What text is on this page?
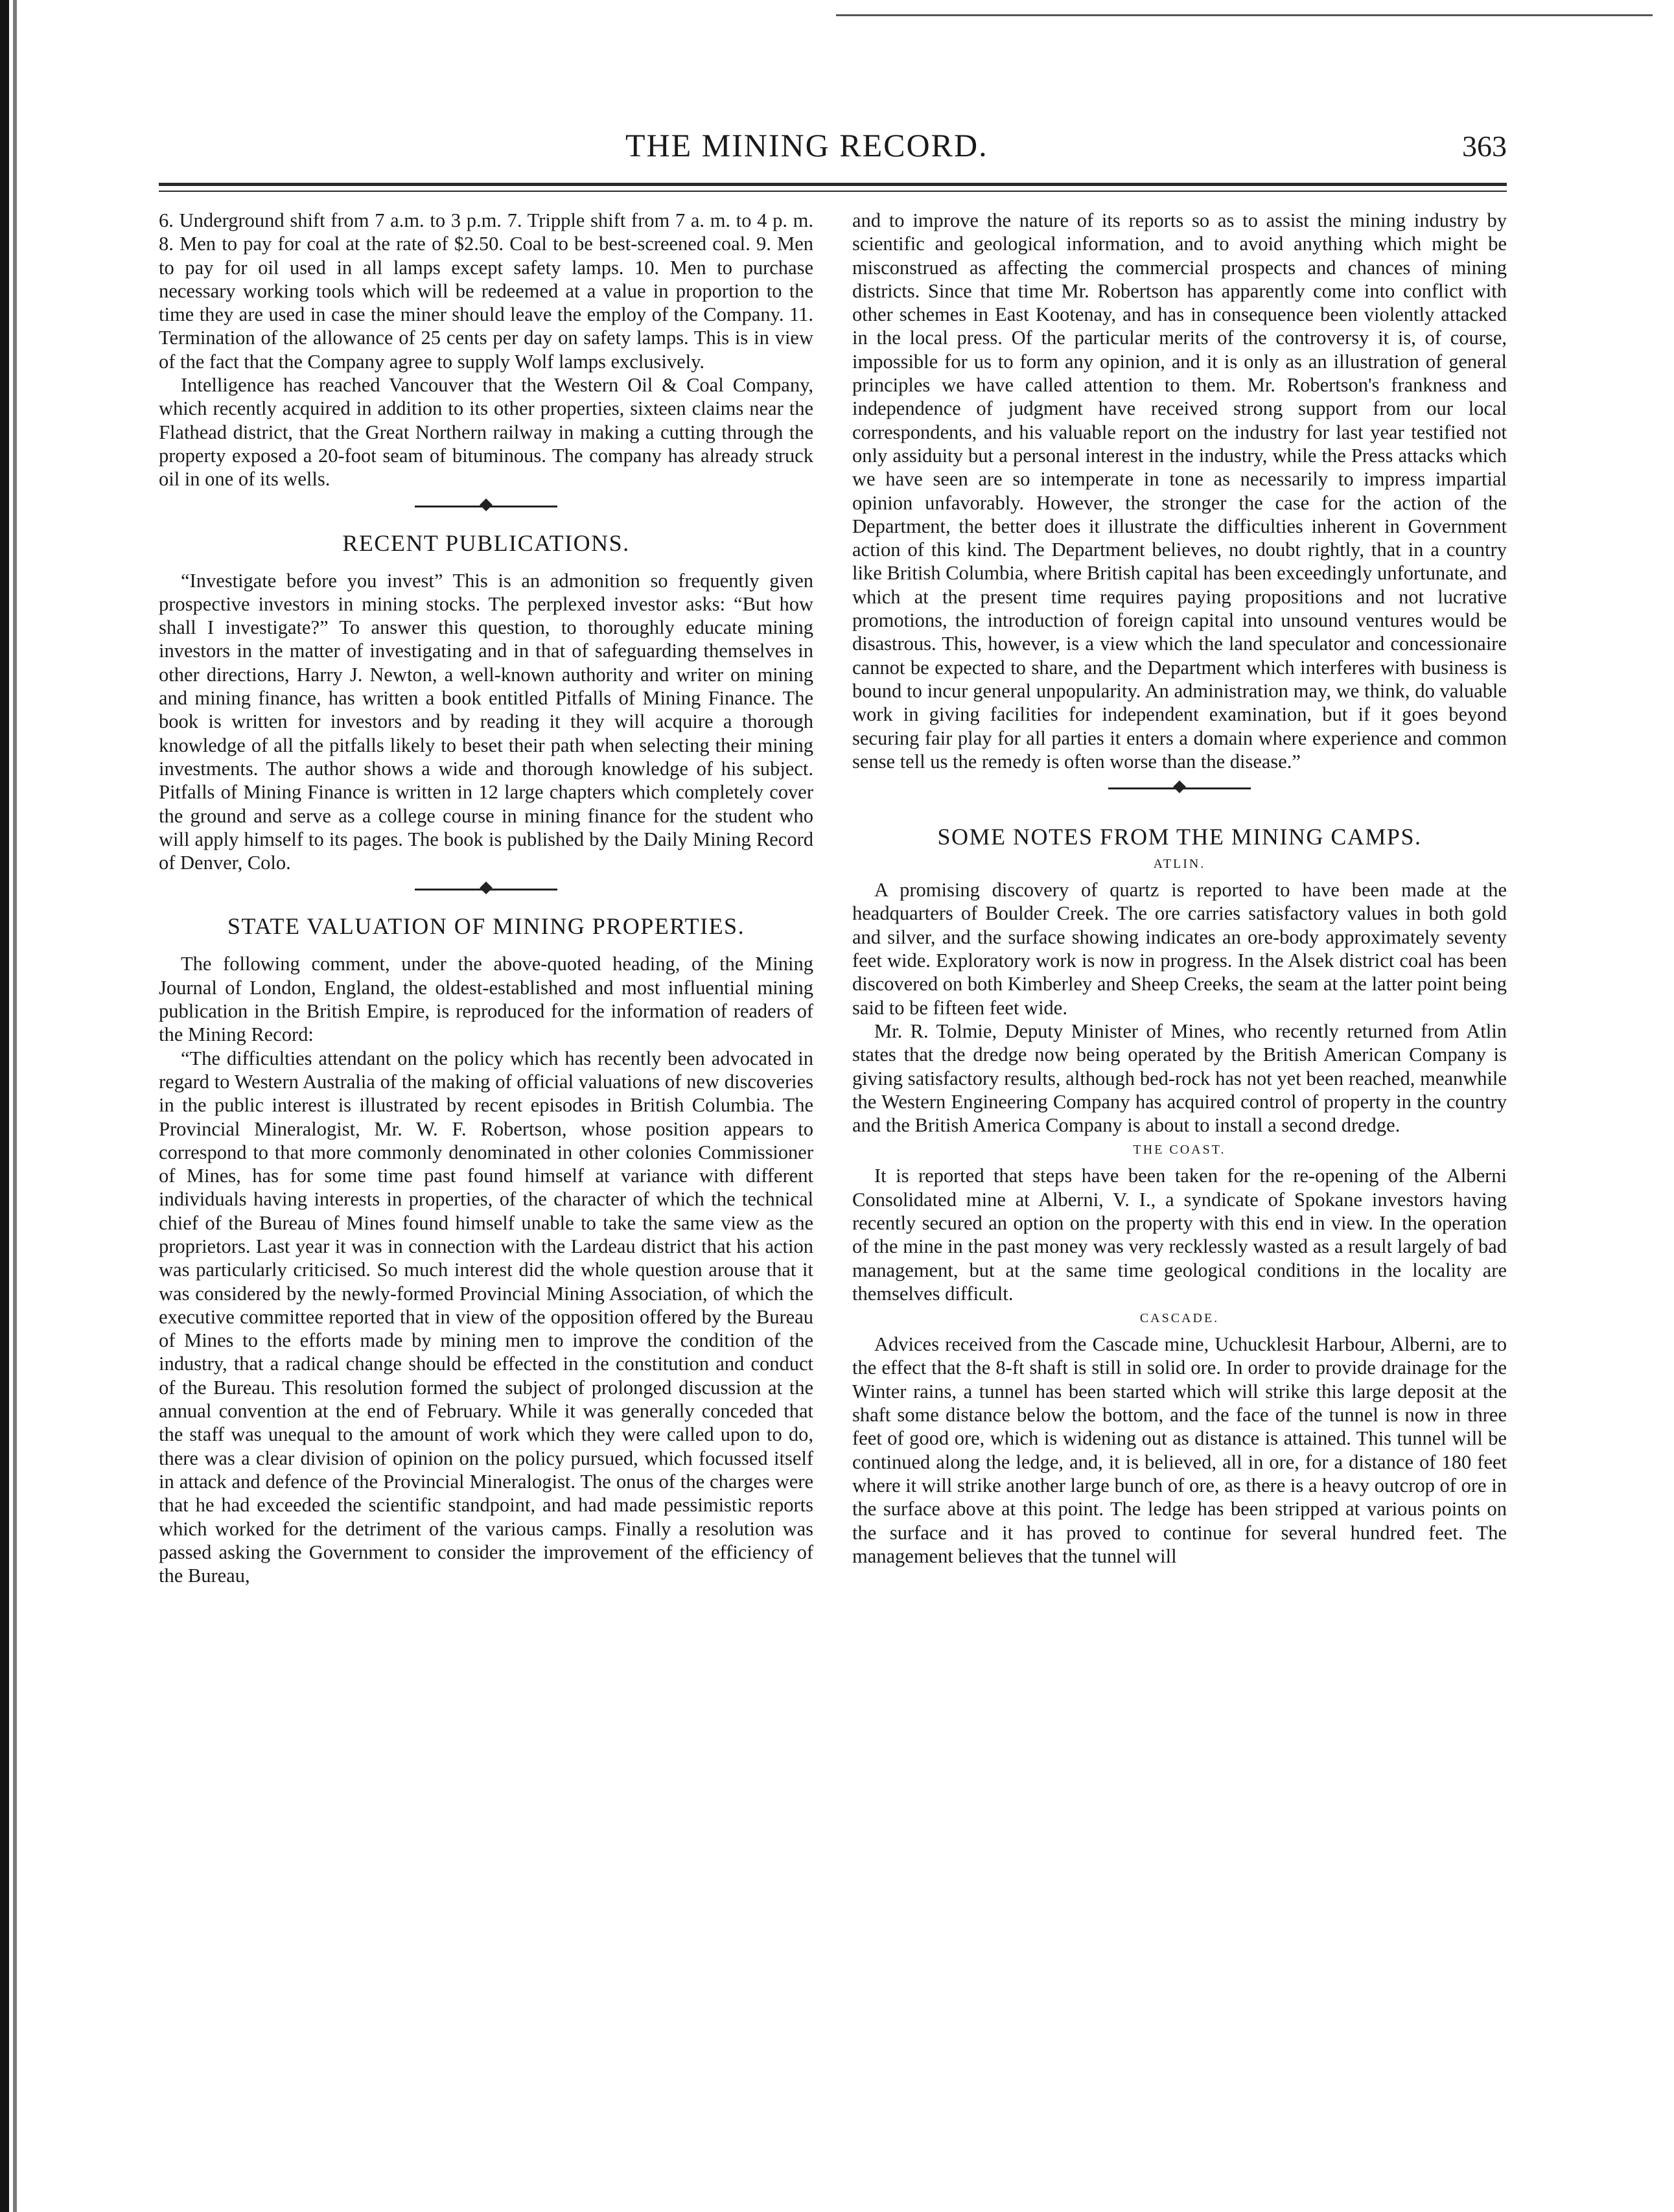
THE MINING RECORD.	363

6. Underground shift from 7 a.m. to 3 p.m. 7. Tripple shift from 7 a. m. to 4 p. m. 8. Men to pay for coal at the rate of $2.50. Coal to be best-screened coal. 9. Men to pay for oil used in all lamps except safety lamps. 10. Men to purchase necessary working tools which will be redeemed at a value in proportion to the time they are used in case the miner should leave the employ of the Company. 11. Termination of the allowance of 25 cents per day on safety lamps. This is in view of the fact that the Company agree to supply Wolf lamps exclusively.

Intelligence has reached Vancouver that the Western Oil & Coal Company, which recently acquired in addition to its other properties, sixteen claims near the Flathead district, that the Great Northern railway in making a cutting through the property exposed a 20-foot seam of bituminous. The company has already struck oil in one of its wells.

RECENT PUBLICATIONS.

“Investigate before you invest” This is an admonition so frequently given prospective investors in mining stocks. The perplexed investor asks: “But how shall I investigate?” To answer this question, to thoroughly educate mining investors in the matter of investigating and in that of safeguarding themselves in other directions, Harry J. Newton, a well-known authority and writer on mining and mining finance, has written a book entitled Pitfalls of Mining Finance. The book is written for investors and by reading it they will acquire a thorough knowledge of all the pitfalls likely to beset their path when selecting their mining investments. The author shows a wide and thorough knowledge of his subject. Pitfalls of Mining Finance is written in 12 large chapters which completely cover the ground and serve as a college course in mining finance for the student who will apply himself to its pages. The book is published by the Daily Mining Record of Denver, Colo.

STATE VALUATION OF MINING PROPERTIES.

The following comment, under the above-quoted heading, of the Mining Journal of London, England, the oldest-established and most influential mining publication in the British Empire, is reproduced for the information of readers of the Mining Record:

“The difficulties attendant on the policy which has recently been advocated in regard to Western Australia of the making of official valuations of new discoveries in the public interest is illustrated by recent episodes in British Columbia. The Provincial Mineralogist, Mr. W. F. Robertson, whose position appears to correspond to that more commonly denominated in other colonies Commissioner of Mines, has for some time past found himself at variance with different individuals having interests in properties, of the character of which the technical chief of the Bureau of Mines found himself unable to take the same view as the proprietors. Last year it was in connection with the Lardeau district that his action was particularly criticised. So much interest did the whole question arouse that it was considered by the newly-formed Provincial Mining Association, of which the executive committee reported that in view of the opposition offered by the Bureau of Mines to the efforts made by mining men to improve the condition of the industry, that a radical change should be effected in the constitution and conduct of the Bureau. This resolution formed the subject of prolonged discussion at the annual convention at the end of February. While it was generally conceded that the staff was unequal to the amount of work which they were called upon to do, there was a clear division of opinion on the policy pursued, which focussed itself in attack and defence of the Provincial Mineralogist. The onus of the charges were that he had exceeded the scientific standpoint, and had made pessimistic reports which worked for the detriment of the various camps. Finally a resolution was passed asking the Government to consider the improvement of the efficiency of the Bureau,

and to improve the nature of its reports so as to assist the mining industry by scientific and geological information, and to avoid anything which might be misconstrued as affecting the commercial prospects and chances of mining districts. Since that time Mr. Robertson has apparently come into conflict with other schemes in East Kootenay, and has in consequence been violently attacked in the local press. Of the particular merits of the controversy it is, of course, impossible for us to form any opinion, and it is only as an illustration of general principles we have called attention to them. Mr. Robertson's frankness and independence of judgment have received strong support from our local correspondents, and his valuable report on the industry for last year testified not only assiduity but a personal interest in the industry, while the Press attacks which we have seen are so intemperate in tone as necessarily to impress impartial opinion unfavorably. However, the stronger the case for the action of the Department, the better does it illustrate the difficulties inherent in Government action of this kind. The Department believes, no doubt rightly, that in a country like British Columbia, where British capital has been exceedingly unfortunate, and which at the present time requires paying propositions and not lucrative promotions, the introduction of foreign capital into unsound ventures would be disastrous. This, however, is a view which the land speculator and concessionaire cannot be expected to share, and the Department which interferes with business is bound to incur general unpopularity. An administration may, we think, do valuable work in giving facilities for independent examination, but if it goes beyond securing fair play for all parties it enters a domain where experience and common sense tell us the remedy is often worse than the disease.”

SOME NOTES FROM THE MINING CAMPS.
ATLIN.

A promising discovery of quartz is reported to have been made at the headquarters of Boulder Creek. The ore carries satisfactory values in both gold and silver, and the surface showing indicates an ore-body approximately seventy feet wide. Exploratory work is now in progress. In the Alsek district coal has been discovered on both Kimberley and Sheep Creeks, the seam at the latter point being said to be fifteen feet wide.

Mr. R. Tolmie, Deputy Minister of Mines, who recently returned from Atlin states that the dredge now being operated by the British American Company is giving satisfactory results, although bed-rock has not yet been reached, meanwhile the Western Engineering Company has acquired control of property in the country and the British America Company is about to install a second dredge.

THE COAST.

It is reported that steps have been taken for the re-opening of the Alberni Consolidated mine at Alberni, V. I., a syndicate of Spokane investors having recently secured an option on the property with this end in view. In the operation of the mine in the past money was very recklessly wasted as a result largely of bad management, but at the same time geological conditions in the locality are themselves difficult.

CASCADE.

Advices received from the Cascade mine, Uchucklesit Harbour, Alberni, are to the effect that the 8-ft shaft is still in solid ore. In order to provide drainage for the Winter rains, a tunnel has been started which will strike this large deposit at the shaft some distance below the bottom, and the face of the tunnel is now in three feet of good ore, which is widening out as distance is attained. This tunnel will be continued along the ledge, and, it is believed, all in ore, for a distance of 180 feet where it will strike another large bunch of ore, as there is a heavy outcrop of ore in the surface above at this point. The ledge has been stripped at various points on the surface and it has proved to continue for several hundred feet. The management believes that the tunnel will
